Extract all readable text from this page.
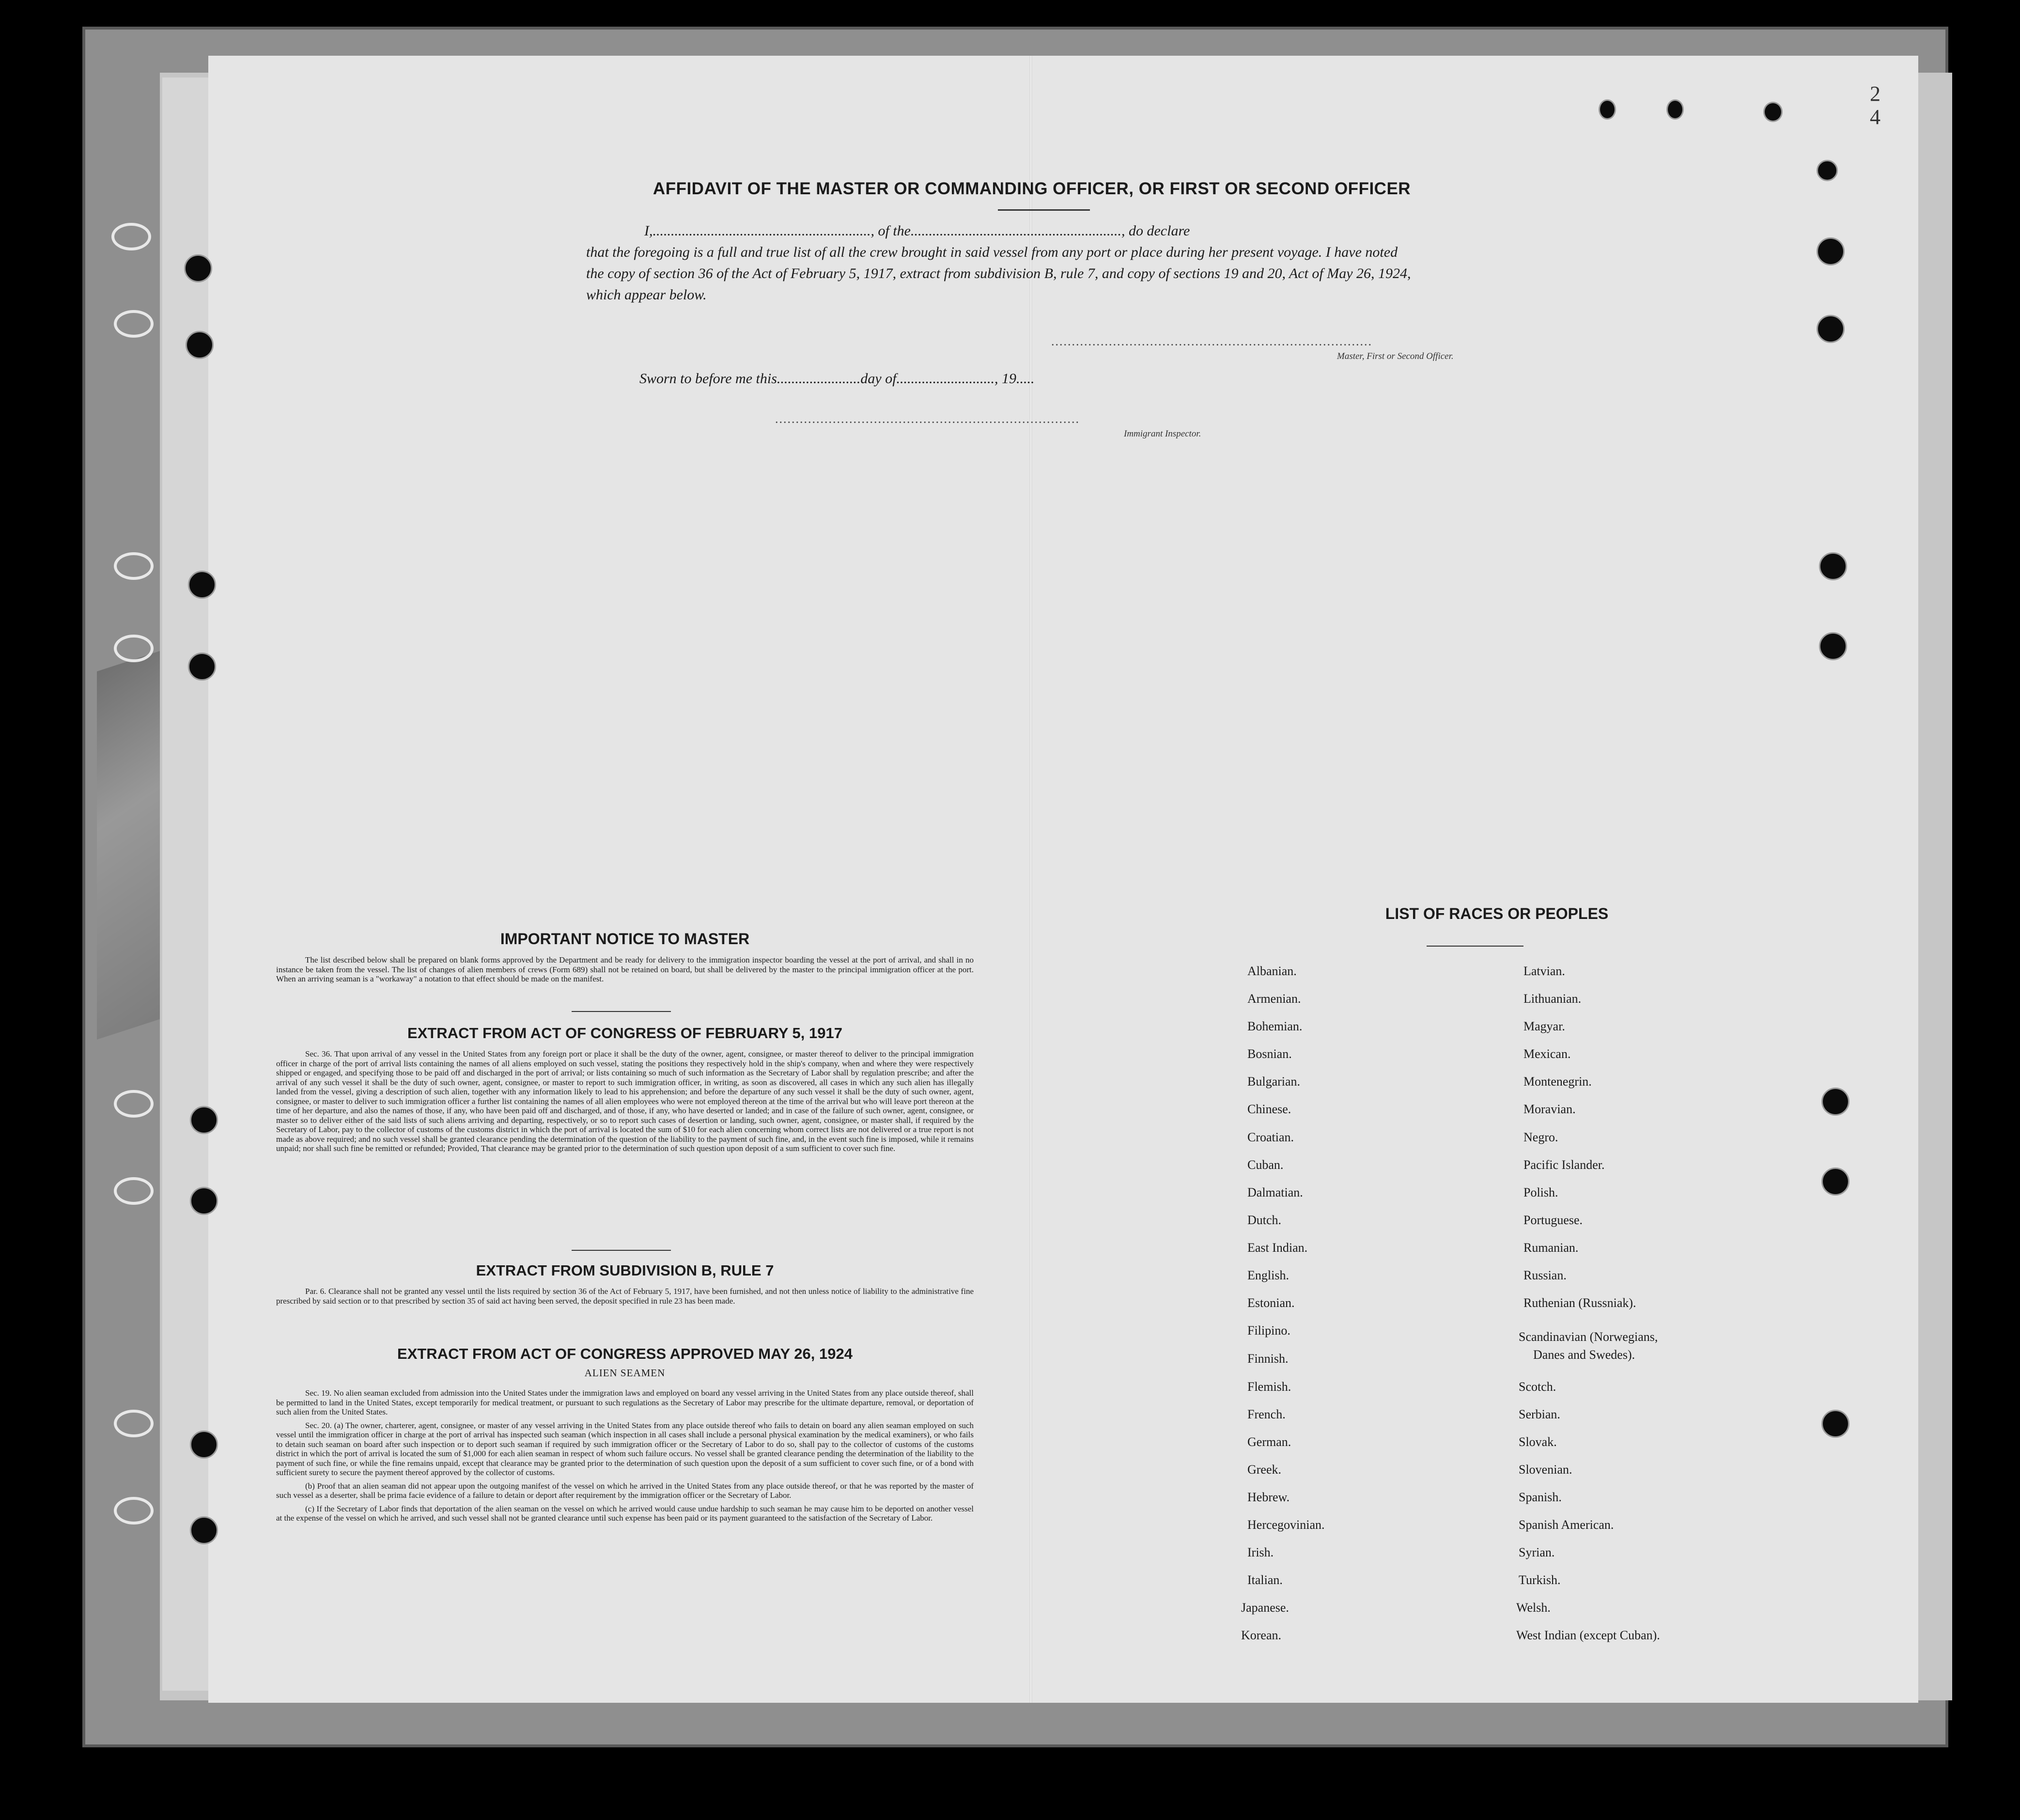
2
4
AFFIDAVIT OF THE MASTER OR COMMANDING OFFICER, OR FIRST OR SECOND OFFICER
I,............................................................, of the.........................................................., do declare
that the foregoing is a full and true list of all the crew brought in said vessel from any port or place during her present voyage. I have noted
the copy of section 36 of the Act of February 5, 1917, extract from subdivision B, rule 7, and copy of sections 19 and 20, Act of May 26, 1924,
which appear below.
..............................................................................
Master, First or Second Officer.
Sworn to before me this.......................day of..........................., 19.....
..........................................................................
Immigrant Inspector.
IMPORTANT NOTICE TO MASTER

The list described below shall be prepared on blank forms approved by the Department and be ready for delivery to the immigration inspector boarding the vessel at the port of arrival, and shall in no instance be taken from the vessel. The list of changes of alien members of crews (Form 689) shall not be retained on board, but shall be delivered by the master to the principal immigration officer at the port. When an arriving seaman is a "workaway" a notation to that effect should be made on the manifest.

EXTRACT FROM ACT OF CONGRESS OF FEBRUARY 5, 1917

Sec. 36. That upon arrival of any vessel in the United States from any foreign port or place it shall be the duty of the owner, agent, consignee, or master thereof to deliver to the principal immigration officer in charge of the port of arrival lists containing the names of all aliens employed on such vessel, stating the positions they respectively hold in the ship's company, when and where they were respectively shipped or engaged, and specifying those to be paid off and discharged in the port of arrival; or lists containing so much of such information as the Secretary of Labor shall by regulation prescribe; and after the arrival of any such vessel it shall be the duty of such owner, agent, consignee, or master to report to such immigration officer, in writing, as soon as discovered, all cases in which any such alien has illegally landed from the vessel, giving a description of such alien, together with any information likely to lead to his apprehension; and before the departure of any such vessel it shall be the duty of such owner, agent, consignee, or master to deliver to such immigration officer a further list containing the names of all alien employees who were not employed thereon at the time of the arrival but who will leave port thereon at the time of her departure, and also the names of those, if any, who have been paid off and discharged, and of those, if any, who have deserted or landed; and in case of the failure of such owner, agent, consignee, or master so to deliver either of the said lists of such aliens arriving and departing, respectively, or so to report such cases of desertion or landing, such owner, agent, consignee, or master shall, if required by the Secretary of Labor, pay to the collector of customs of the customs district in which the port of arrival is located the sum of $10 for each alien concerning whom correct lists are not delivered or a true report is not made as above required; and no such vessel shall be granted clearance pending the determination of the question of the liability to the payment of such fine, and, in the event such fine is imposed, while it remains unpaid; nor shall such fine be remitted or refunded; Provided, That clearance may be granted prior to the determination of such question upon deposit of a sum sufficient to cover such fine.

EXTRACT FROM SUBDIVISION B, RULE 7

Par. 6. Clearance shall not be granted any vessel until the lists required by section 36 of the Act of February 5, 1917, have been furnished, and not then unless notice of liability to the administrative fine prescribed by said section or to that prescribed by section 35 of said act having been served, the deposit specified in rule 23 has been made.

EXTRACT FROM ACT OF CONGRESS APPROVED MAY 26, 1924
ALIEN SEAMEN

Sec. 19. No alien seaman excluded from admission into the United States under the immigration laws and employed on board any vessel arriving in the United States from any place outside thereof, shall be permitted to land in the United States, except temporarily for medical treatment, or pursuant to such regulations as the Secretary of Labor may prescribe for the ultimate departure, removal, or deportation of such alien from the United States.

Sec. 20. (a) The owner, charterer, agent, consignee, or master of any vessel arriving in the United States from any place outside thereof who fails to detain on board any alien seaman employed on such vessel until the immigration officer in charge at the port of arrival has inspected such seaman (which inspection in all cases shall include a personal physical examination by the medical examiners), or who fails to detain such seaman on board after such inspection or to deport such seaman if required by such immigration officer or the Secretary of Labor to do so, shall pay to the collector of customs of the customs district in which the port of arrival is located the sum of $1,000 for each alien seaman in respect of whom such failure occurs. No vessel shall be granted clearance pending the determination of the liability to the payment of such fine, or while the fine remains unpaid, except that clearance may be granted prior to the determination of such question upon the deposit of a sum sufficient to cover such fine, or of a bond with sufficient surety to secure the payment thereof approved by the collector of customs.

(b) Proof that an alien seaman did not appear upon the outgoing manifest of the vessel on which he arrived in the United States from any place outside thereof, or that he was reported by the master of such vessel as a deserter, shall be prima facie evidence of a failure to detain or deport after requirement by the immigration officer or the Secretary of Labor.

(c) If the Secretary of Labor finds that deportation of the alien seaman on the vessel on which he arrived would cause undue hardship to such seaman he may cause him to be deported on another vessel at the expense of the vessel on which he arrived, and such vessel shall not be granted clearance until such expense has been paid or its payment guaranteed to the satisfaction of the Secretary of Labor.

LIST OF RACES OR PEOPLES
Albanian.
Armenian.
Bohemian.
Bosnian.
Bulgarian.
Chinese.
Croatian.
Cuban.
Dalmatian.
Dutch.
East Indian.
English.
Estonian.
Filipino.
Finnish.
Flemish.
French.
German.
Greek.
Hebrew.
Hercegovinian.
Irish.
Italian.
Japanese.
Korean.
Latvian.
Lithuanian.
Magyar.
Mexican.
Montenegrin.
Moravian.
Negro.
Pacific Islander.
Polish.
Portuguese.
Rumanian.
Russian.
Ruthenian (Russniak).
Scandinavian (Norwegians,
Danes and Swedes).
Scotch.
Serbian.
Slovak.
Slovenian.
Spanish.
Spanish American.
Syrian.
Turkish.
Welsh.
West Indian (except Cuban).
